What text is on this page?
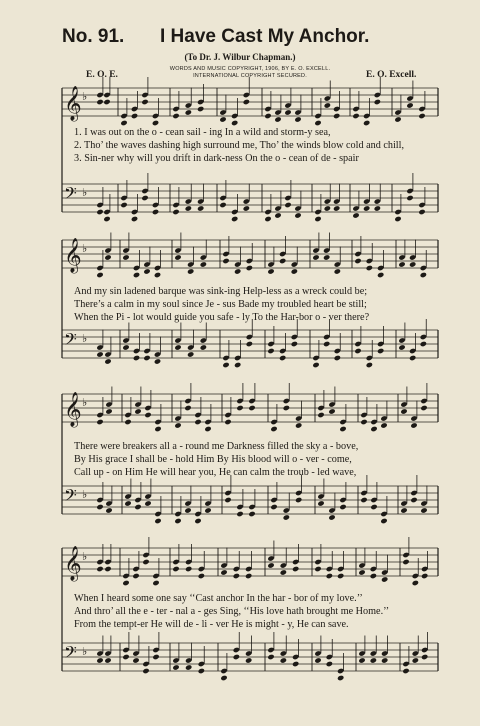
No. 91. I Have Cast My Anchor.
(To Dr. J. Wilbur Chapman.)
WORDS AND MUSIC COPYRIGHT, 1906, BY E. O. EXCELL.
INTERNATIONAL COPYRIGHT SECURED.
E. O. E.	E. O. Excell.
𝄞 ♭
𝄢 ♭
𝄞 ♭
𝄢 ♭
𝄞 ♭
𝄢 ♭
𝄞 ♭
𝄢 ♭
1. I was out on the o - cean sail - ing In a wild and storm-y sea,
2. Tho’ the waves dashing high surround me, Tho’ the winds blow cold and chill,
3. Sin-ner why will you drift in dark-ness On the o - cean of de - spair
And my sin ladened barque was sink-ing Help-less as a wreck could be;
There’s a calm in my soul since Je - sus Bade my troubled heart be still;
When the Pi - lot would guide you safe - ly To the Har-bor o - ver there?
There were breakers all a - round me Darkness filled the sky a - bove,
By His grace I shall be - hold Him By His blood will o - ver - come,
Call up - on Him He will hear you, He can calm the troub - led wave,
When I heard some one say ‘‘Cast anchor In the har - bor of my love.’’
And thro’ all the e - ter - nal a - ges Sing, ‘‘His love hath brought me Home.’’
From the tempt-er He will de - li - ver He is might - y, He can save.
